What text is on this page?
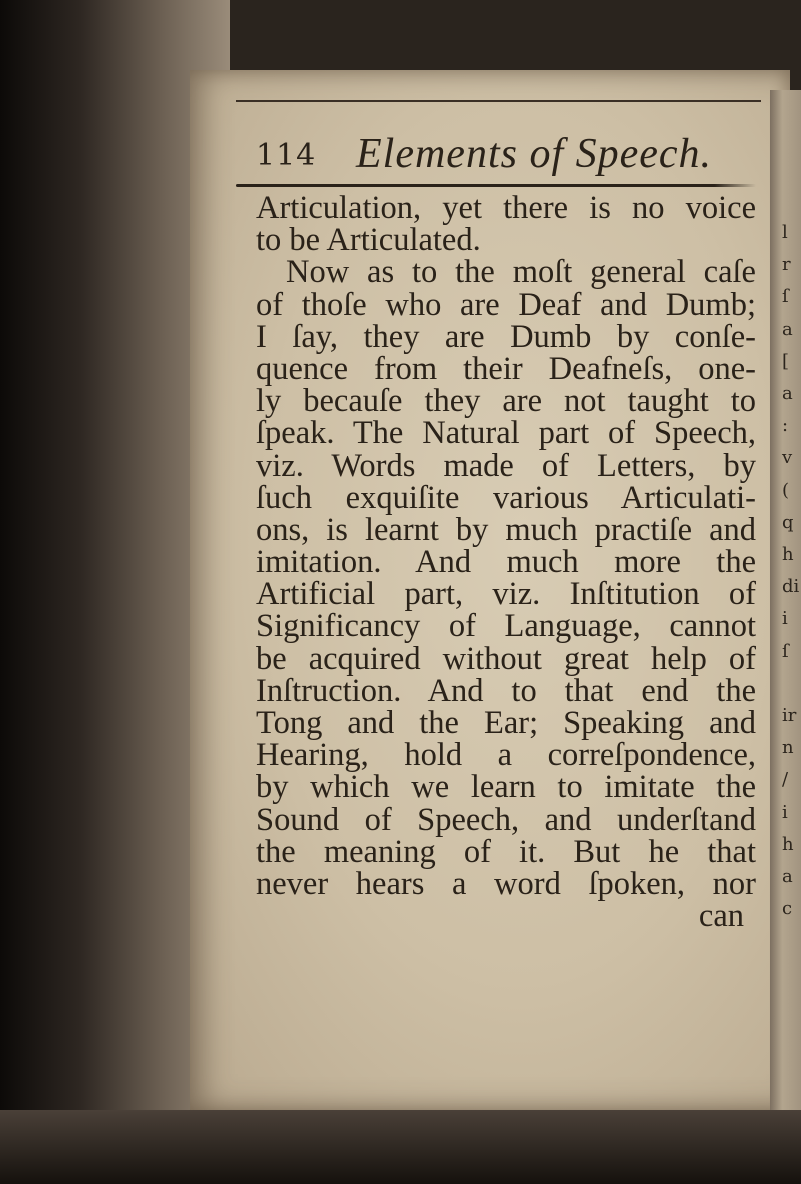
l
r
ſ
a
[
a
:
v
(
q
h
di
i
ſ
ir
n
/
i
h
a
c
114 Elements of Speech.
Articulation, yet there is no voice
to be Articulated.
Now as to the moſt general caſe
of thoſe who are Deaf and Dumb;
I ſay, they are Dumb by conſe-
quence from their Deafneſs, one-
ly becauſe they are not taught to
ſpeak. The Natural part of Speech,
viz. Words made of Letters, by
ſuch exquiſite various Articulati-
ons, is learnt by much practiſe and
imitation. And much more the
Artificial part, viz. Inſtitution of
Significancy of Language, cannot
be acquired without great help of
Inſtruction. And to that end the
Tong and the Ear; Speaking and
Hearing, hold a correſpondence,
by which we learn to imitate the
Sound of Speech, and underſtand
the meaning of it. But he that
never hears a word ſpoken, nor
can
